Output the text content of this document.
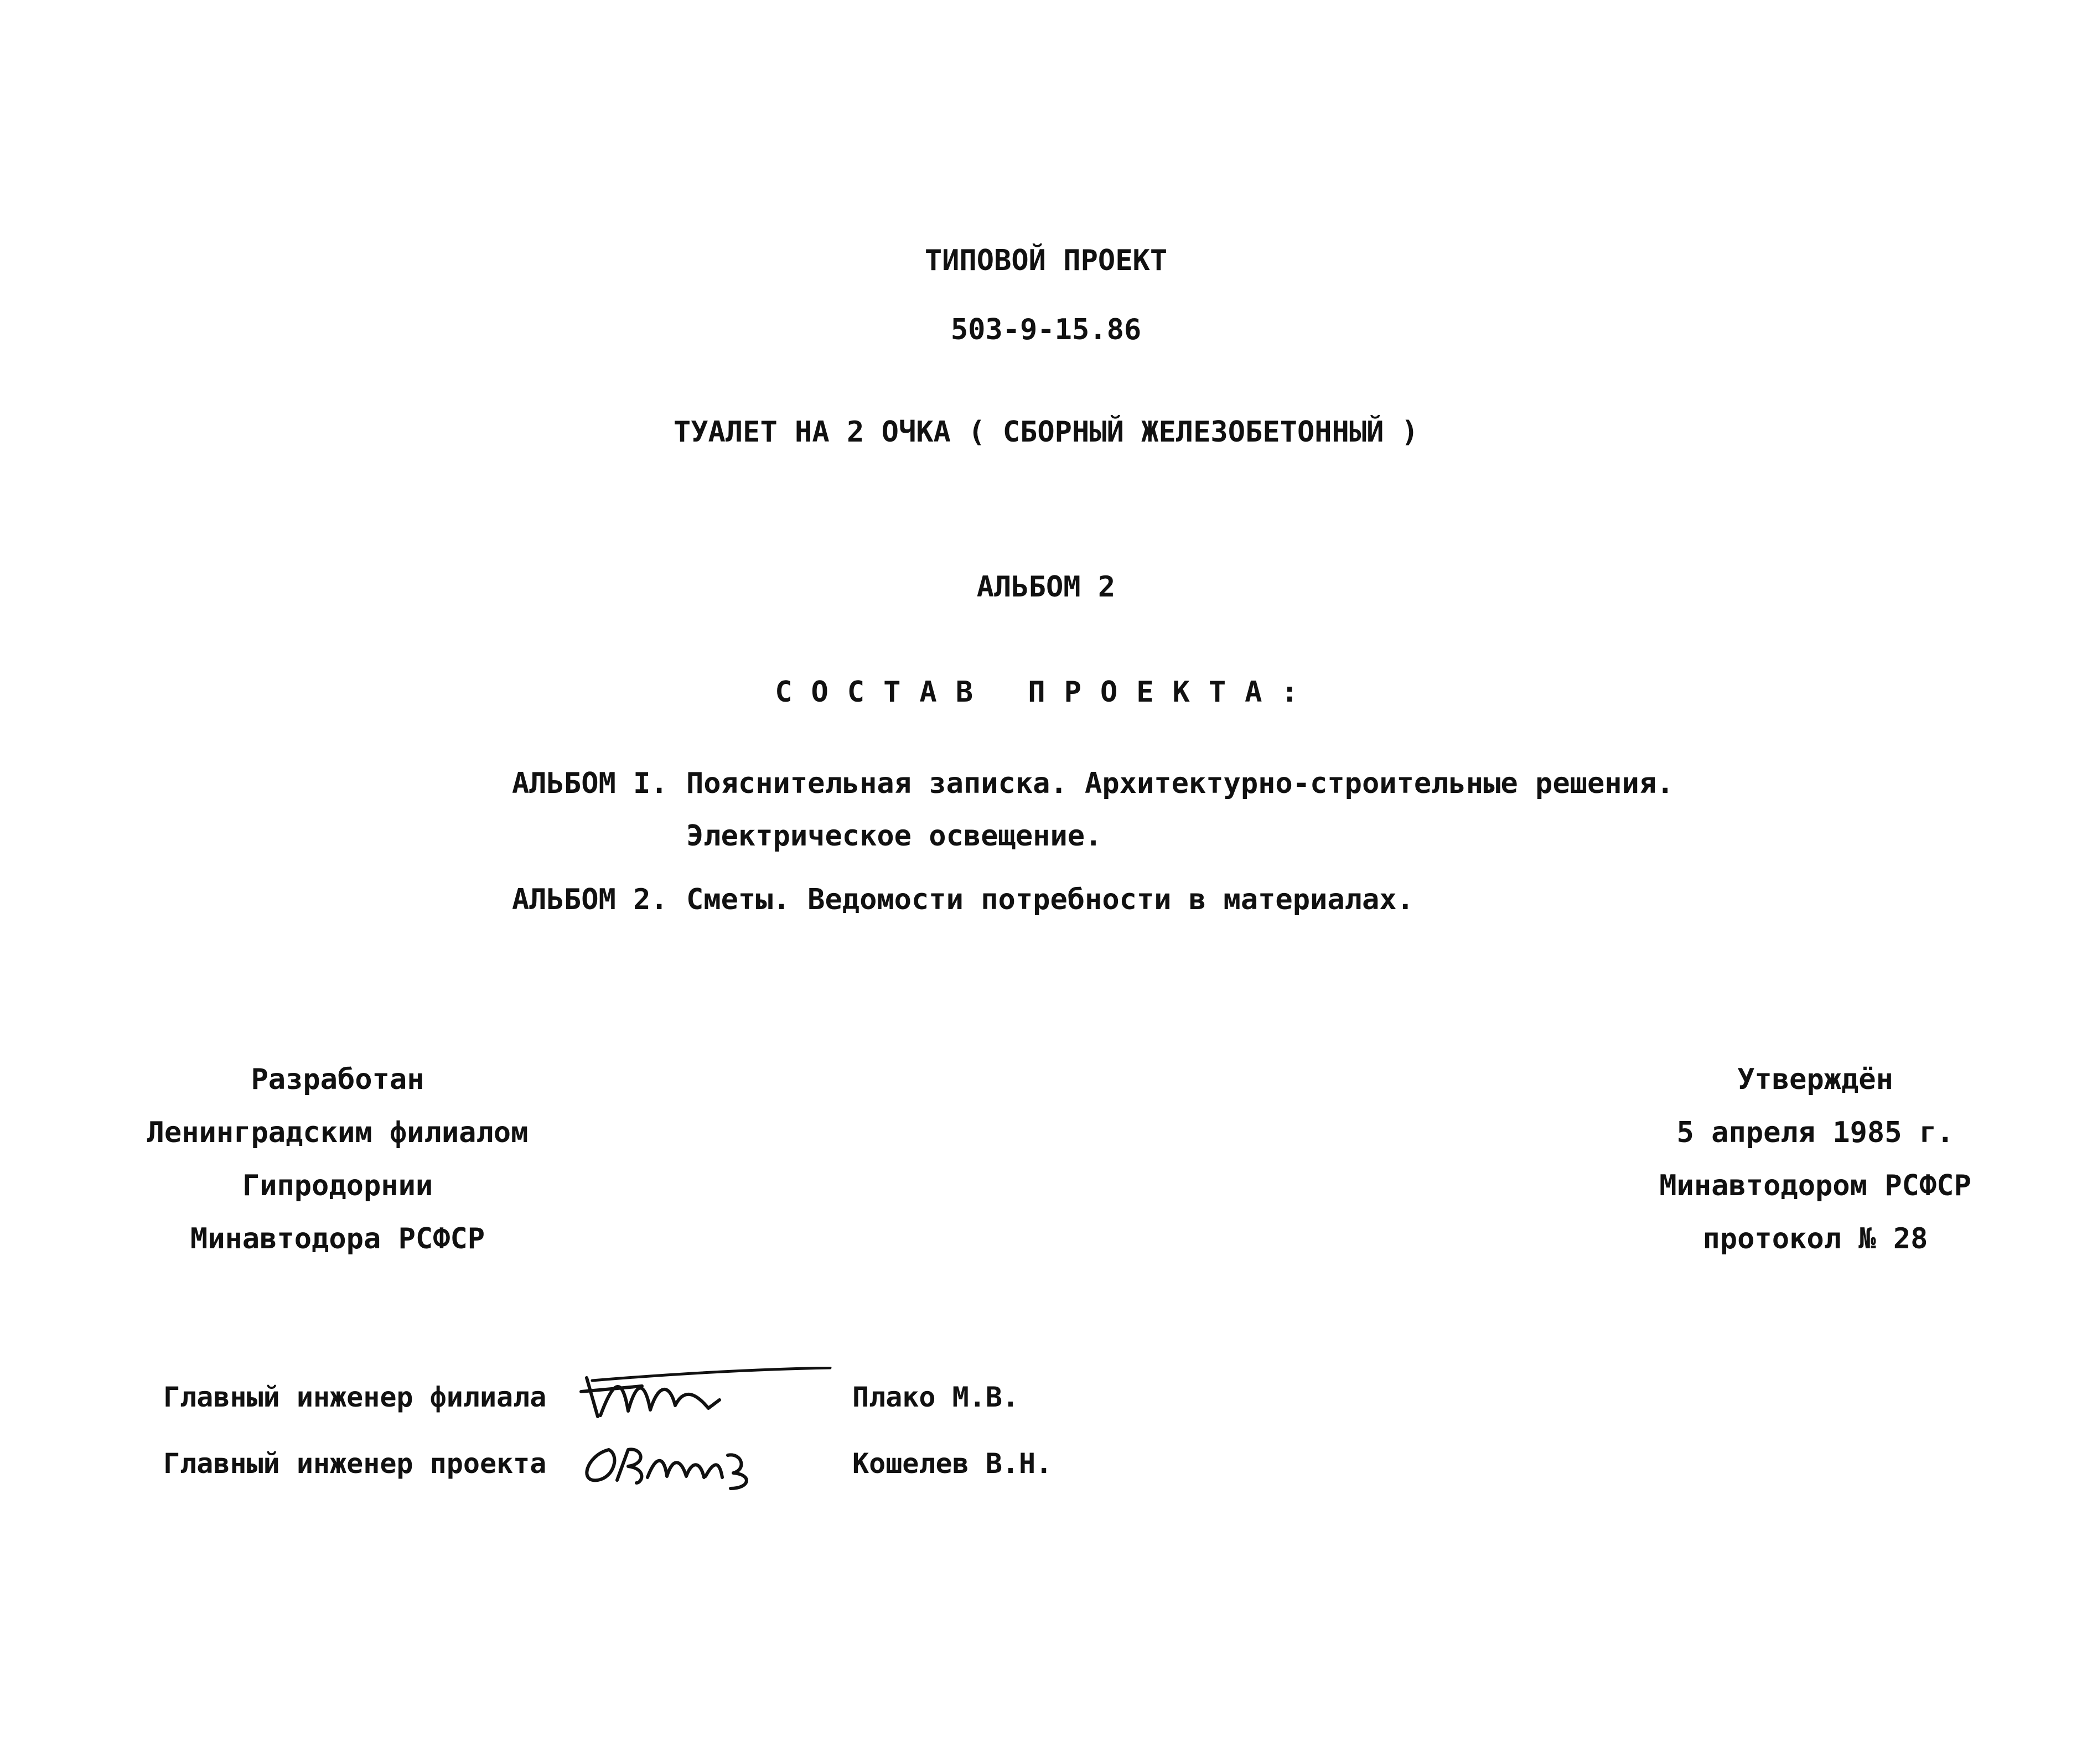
ТИПОВОЙ ПРОЕКТ
503-9-15.86
ТУАЛЕТ НА 2 ОЧКА ( СБОРНЫЙ ЖЕЛЕЗОБЕТОННЫЙ )
АЛЬБОМ 2
СОСТАВ ПРОЕКТА:
АЛЬБОМ I. Пояснительная записка. Архитектурно-строительные решения.
Электрическое освещение.
АЛЬБОМ 2. Сметы. Ведомости потребности в материалах.
Разработан
Ленинградским филиалом
Гипродорнии
Минавтодора РСФСР
Утверждён
5 апреля 1985 г.
Минавтодором РСФСР
протокол № 28
Главный инженер филиала	Плако М.В.
Главный инженер проекта	Кошелев В.Н.
